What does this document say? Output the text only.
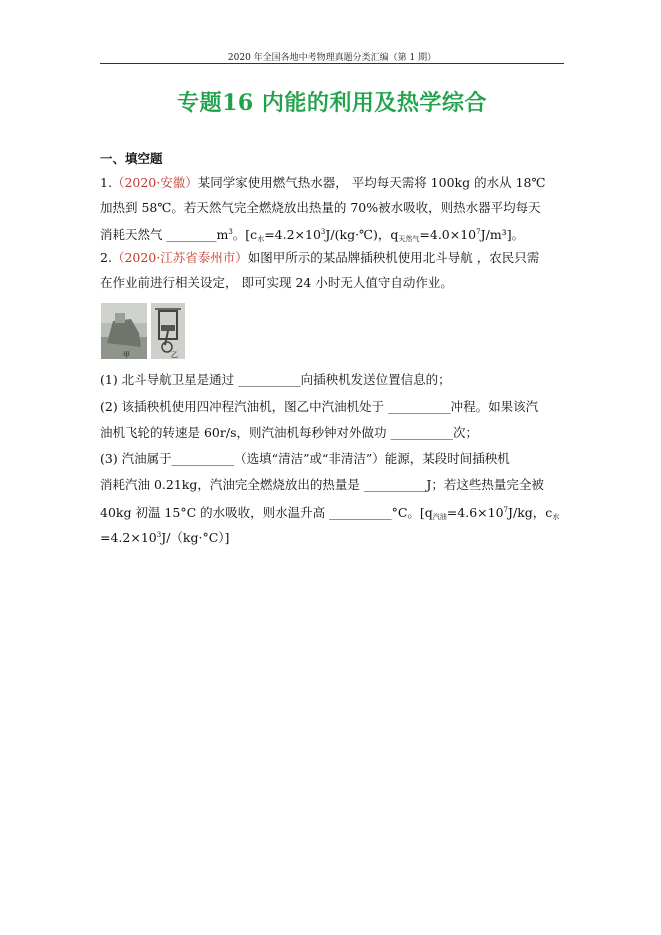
2020 年全国各地中考物理真题分类汇编（第 1 期）
专题16 内能的利用及热学综合
一、填空题
1.（2020·安徽）某同学家使用燃气热水器， 平均每天需将 100kg 的水从 18℃
加热到 58℃。若天然气完全燃烧放出热量的 70%被水吸收，则热水器平均每天
消耗天然气 $\_\_\_\_\_\_\_\_m^3$。[$c_水=4.2\times 10^3J/(kg\cdot℃)$，$q_{天然气}=4.0\times 10^7J/m^3$]。
2.（2020·江苏省泰州市）如图甲所示的某品牌插秧机使用北斗导航 ，农民只需
在作业前进行相关设定， 即可实现 24 小时无人值守自动作业。
甲	乙
(1) 北斗导航卫星是通过 __________向插秧机发送位置信息的；
(2) 该插秧机使用四冲程汽油机，图乙中汽油机处于 __________冲程。如果该汽
油机飞轮的转速是 60r/s，则汽油机每秒钟对外做功 __________次；
(3) 汽油属于__________（选填“清洁”或“非清洁”）能源，某段时间插秧机
消耗汽油 0.21kg，汽油完全燃烧放出的热量是 __________J；若这些热量完全被
40kg 初温 15°C 的水吸收，则水温升高 __________°C。[$q_{汽油}=4.6\times 10^7J/kg$，$c_水$
$=4.2\times 10^3J/(kg\cdot^\circ C)$]
